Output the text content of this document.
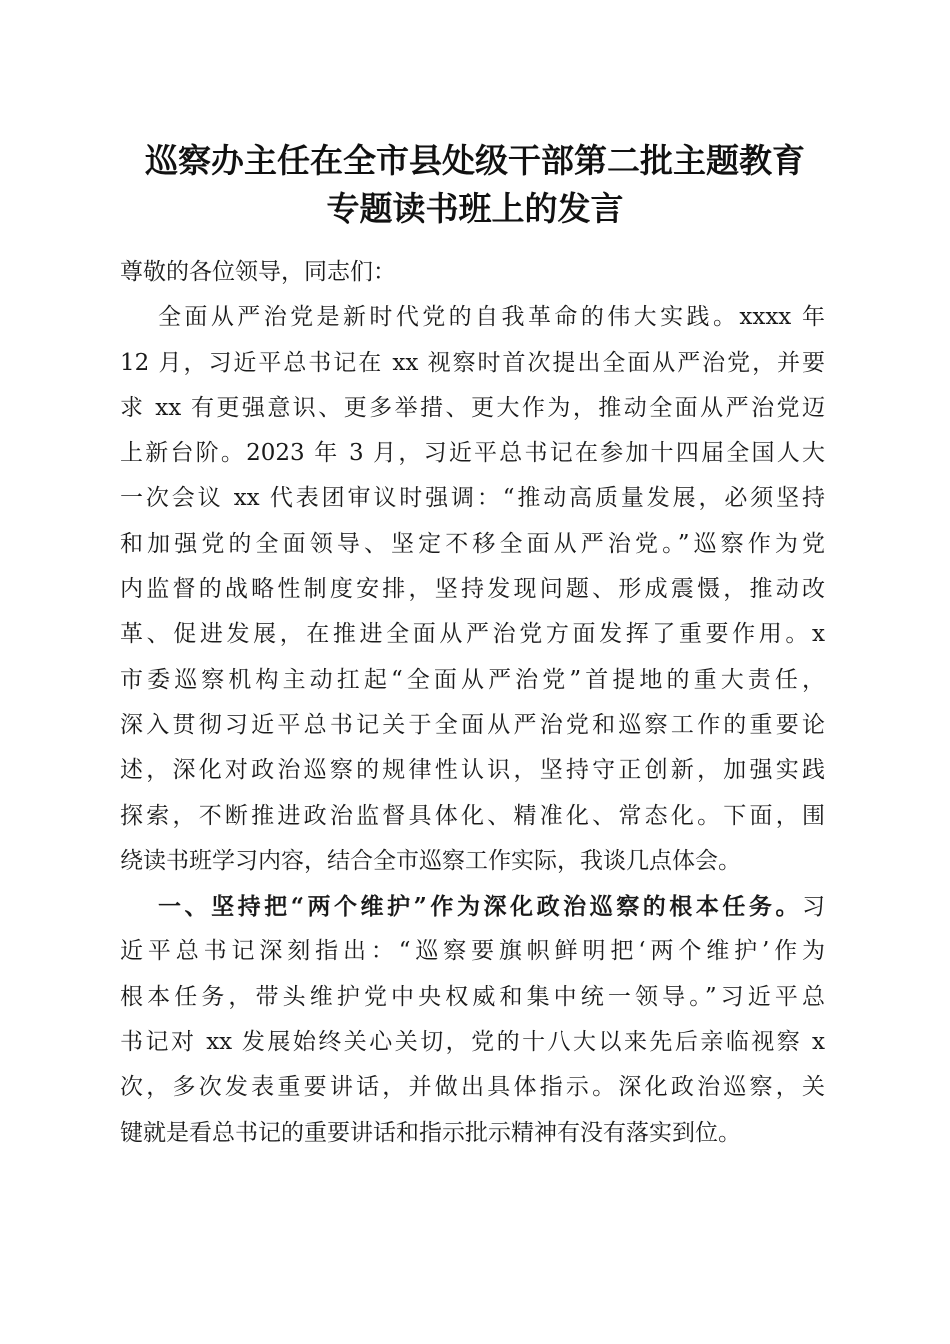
巡察办主任在全市县处级干部第二批主题教育
专题读书班上的发言
尊敬的各位领导，同志们：
全面从严治党是新时代党的自我革命的伟大实践。xxxx 年
12 月，习近平总书记在 xx 视察时首次提出全面从严治党，并要
求 xx 有更强意识、更多举措、更大作为，推动全面从严治党迈
上新台阶。2023 年 3 月，习近平总书记在参加十四届全国人大
一次会议 xx 代表团审议时强调：“推动高质量发展，必须坚持
和加强党的全面领导、坚定不移全面从严治党。”巡察作为党
内监督的战略性制度安排，坚持发现问题、形成震慑，推动改
革、促进发展，在推进全面从严治党方面发挥了重要作用。x
市委巡察机构主动扛起“全面从严治党”首提地的重大责任，
深入贯彻习近平总书记关于全面从严治党和巡察工作的重要论
述，深化对政治巡察的规律性认识，坚持守正创新，加强实践
探索，不断推进政治监督具体化、精准化、常态化。下面，围
绕读书班学习内容，结合全市巡察工作实际，我谈几点体会。
一、坚持把“两个维护”作为深化政治巡察的根本任务。习
近平总书记深刻指出：“巡察要旗帜鲜明把‘两个维护’作为
根本任务，带头维护党中央权威和集中统一领导。”习近平总
书记对 xx 发展始终关心关切，党的十八大以来先后亲临视察 x
次，多次发表重要讲话，并做出具体指示。深化政治巡察，关
键就是看总书记的重要讲话和指示批示精神有没有落实到位。
